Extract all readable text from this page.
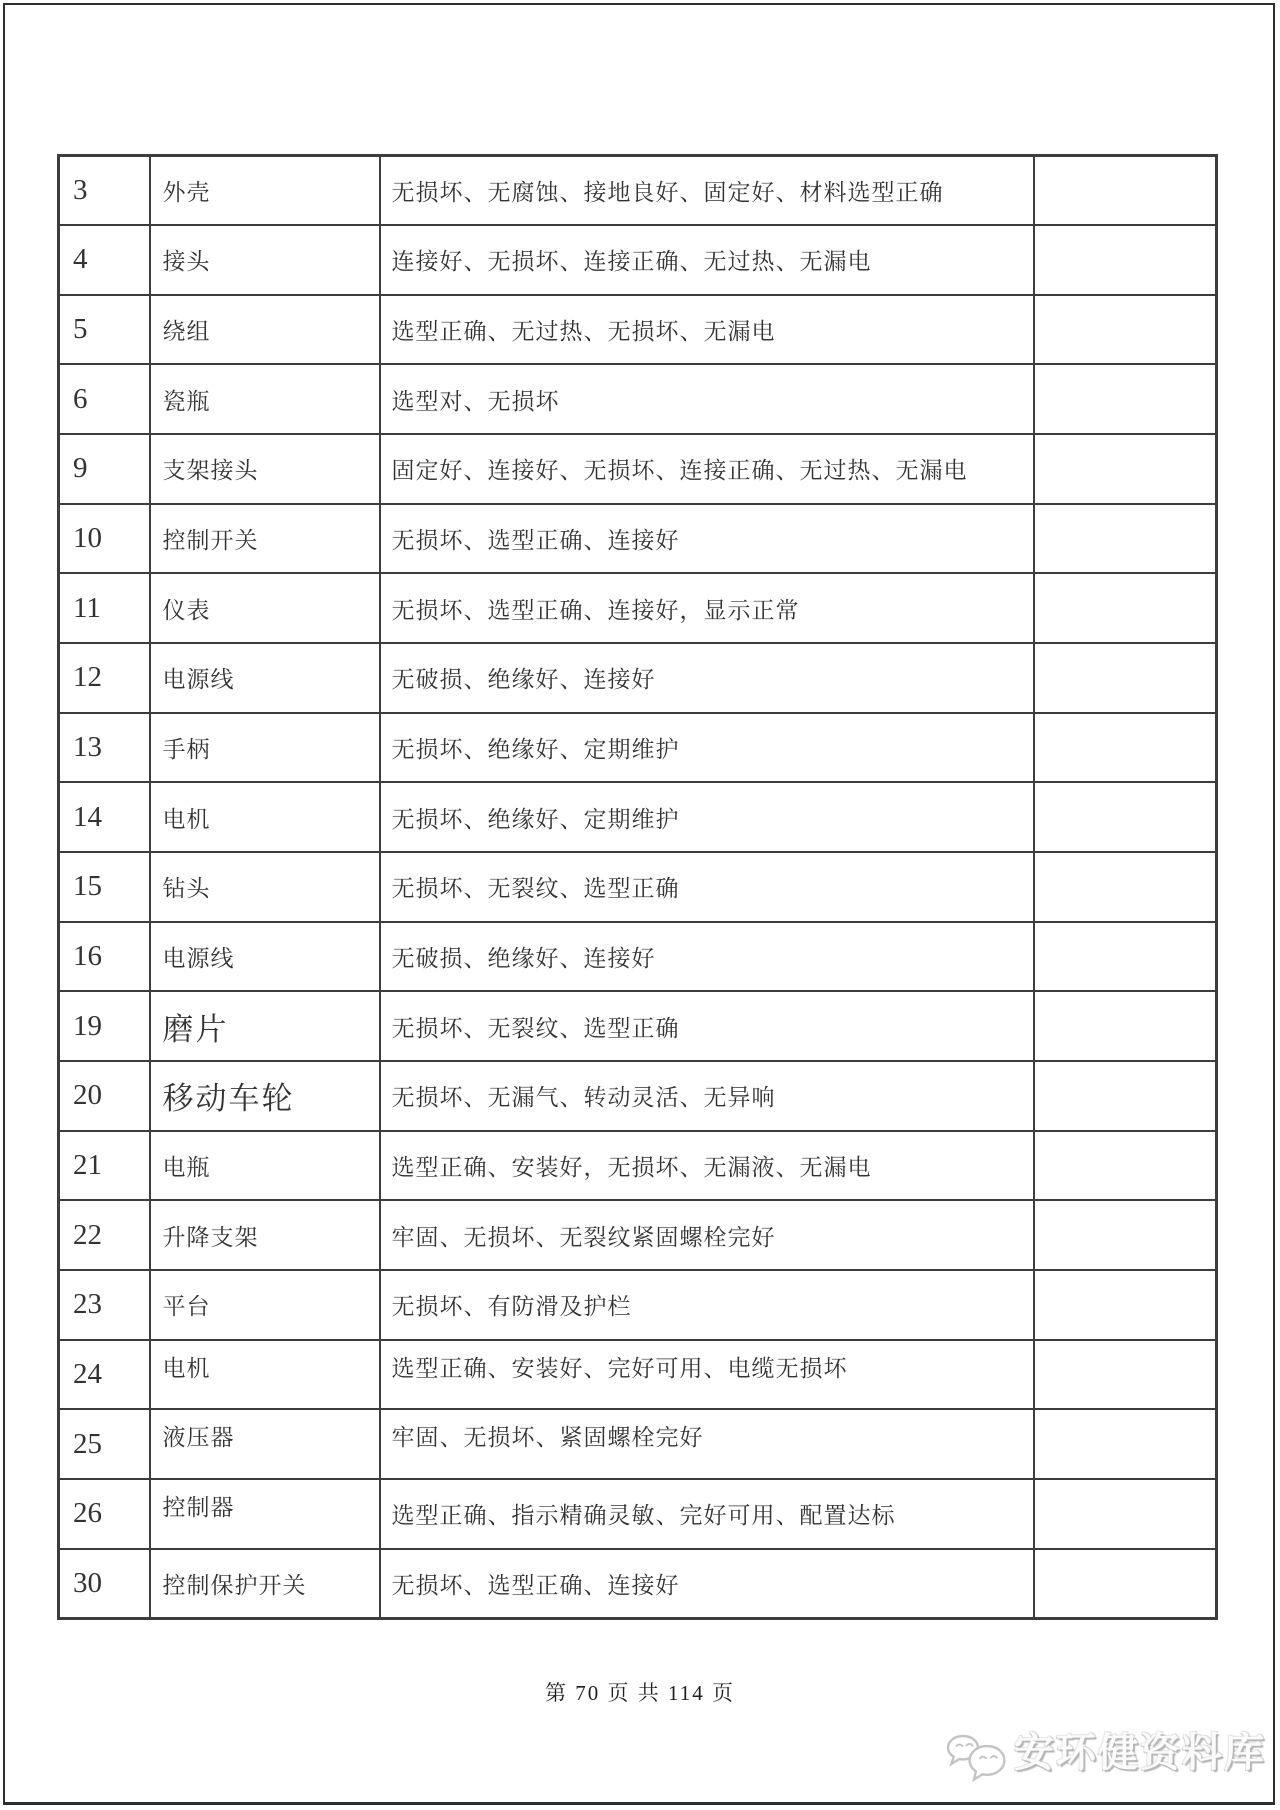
3	外壳	无损坏、无腐蚀、接地良好、固定好、材料选型正确	
4	接头	连接好、无损坏、连接正确、无过热、无漏电	
5	绕组	选型正确、无过热、无损坏、无漏电	
6	瓷瓶	选型对、无损坏	
9	支架接头	固定好、连接好、无损坏、连接正确、无过热、无漏电	
10	控制开关	无损坏、选型正确、连接好	
11	仪表	无损坏、选型正确、连接好，显示正常	
12	电源线	无破损、绝缘好、连接好	
13	手柄	无损坏、绝缘好、定期维护	
14	电机	无损坏、绝缘好、定期维护	
15	钻头	无损坏、无裂纹、选型正确	
16	电源线	无破损、绝缘好、连接好	
19	磨片	无损坏、无裂纹、选型正确	
20	移动车轮	无损坏、无漏气、转动灵活、无异响	
21	电瓶	选型正确、安装好，无损坏、无漏液、无漏电	
22	升降支架	牢固、无损坏、无裂纹紧固螺栓完好	
23	平台	无损坏、有防滑及护栏	
24	电机	选型正确、安装好、完好可用、电缆无损坏	
25	液压器	牢固、无损坏、紧固螺栓完好	
26	控制器	选型正确、指示精确灵敏、完好可用、配置达标	
30	控制保护开关	无损坏、选型正确、连接好	
第 70 页 共 114 页
安环健资料库
